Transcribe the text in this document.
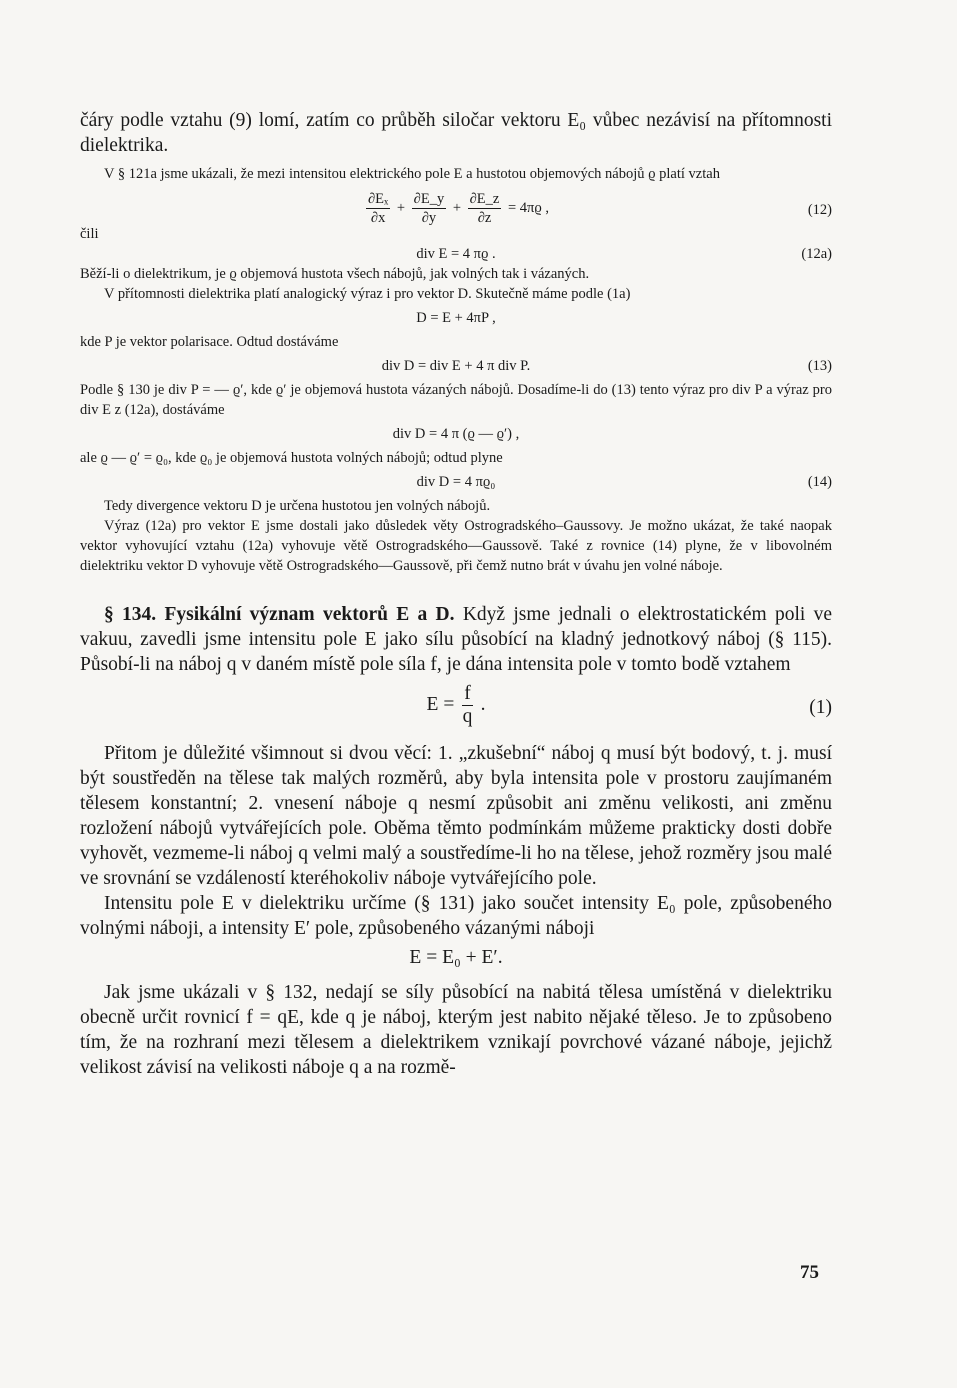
čáry podle vztahu (9) lomí, zatím co průběh siločar vektoru E₀ vůbec nezávisí na přítomnosti dielektrika.

V § 121a jsme ukázali, že mezi intensitou elektrického pole E a hustotou objemových nábojů ϱ platí vztah

$\frac{\text{∂Eₓ}}{\partial x} + \frac{\partial E\_y}{\partial y} + \frac{\partial E\_z}{\partial z} = 4\pi ϱ$ ,	(12)

čili

div E = 4 πϱ .	(12a)

Běží-li o dielektrikum, je ϱ objemová hustota všech nábojů, jak volných tak i vázaných.

V přítomnosti dielektrika platí analogický výraz i pro vektor D. Skutečně máme podle (1a)

D = E + 4πP ,

kde P je vektor polarisace. Odtud dostáváme

div D = div E + 4 π div P.	(13)

Podle § 130 je div P = — ϱ′, kde ϱ′ je objemová hustota vázaných nábojů. Dosadíme-li do (13) tento výraz pro div P a výraz pro div E z (12a), dostáváme

div D = 4 π (ϱ — ϱ′) ,

ale ϱ — ϱ′ = ϱ₀, kde ϱ₀ je objemová hustota volných nábojů; odtud plyne

div D = 4 πϱ₀	(14)

Tedy divergence vektoru D je určena hustotou jen volných nábojů.

Výraz (12a) pro vektor E jsme dostali jako důsledek věty Ostrogradského–Gaussovy. Je možno ukázat, že také naopak vektor vyhovující vztahu (12a) vyhovuje větě Ostrogradského—Gaussově. Také z rovnice (14) plyne, že v libovolném dielektriku vektor D vyhovuje větě Ostrogradského—Gaussově, při čemž nutno brát v úvahu jen volné náboje.

§ 134. Fysikální význam vektorů E a D. Když jsme jednali o elektrostatickém poli ve vakuu, zavedli jsme intensitu pole E jako sílu působící na kladný jednotkový náboj (§ 115). Působí-li na náboj q v daném místě pole síla f, je dána intensita pole v tomto bodě vztahem

$E = \frac{f}{q}$ .	(1)

Přitom je důležité všimnout si dvou věcí: 1. „zkušební“ náboj q musí být bodový, t. j. musí být soustředěn na tělese tak malých rozměrů, aby byla intensita pole v prostoru zaujímaném tělesem konstantní; 2. vnesení náboje q nesmí způsobit ani změnu velikosti, ani změnu rozložení nábojů vytvářejících pole. Oběma těmto podmínkám můžeme prakticky dosti dobře vyhovět, vezmeme-li náboj q velmi malý a soustředíme-li ho na tělese, jehož rozměry jsou malé ve srovnání se vzdáleností kteréhokoliv náboje vytvářejícího pole.

Intensitu pole E v dielektriku určíme (§ 131) jako součet intensity E₀ pole, způsobeného volnými náboji, a intensity E′ pole, způsobeného vázanými náboji

E = E₀ + E′.

Jak jsme ukázali v § 132, nedají se síly působící na nabitá tělesa umístěná v dielektriku obecně určit rovnicí f = qE, kde q je náboj, kterým jest nabito nějaké těleso. Je to způsobeno tím, že na rozhraní mezi tělesem a dielektrikem vznikají povrchové vázané náboje, jejichž velikost závisí na velikosti náboje q a na rozmě-

75
